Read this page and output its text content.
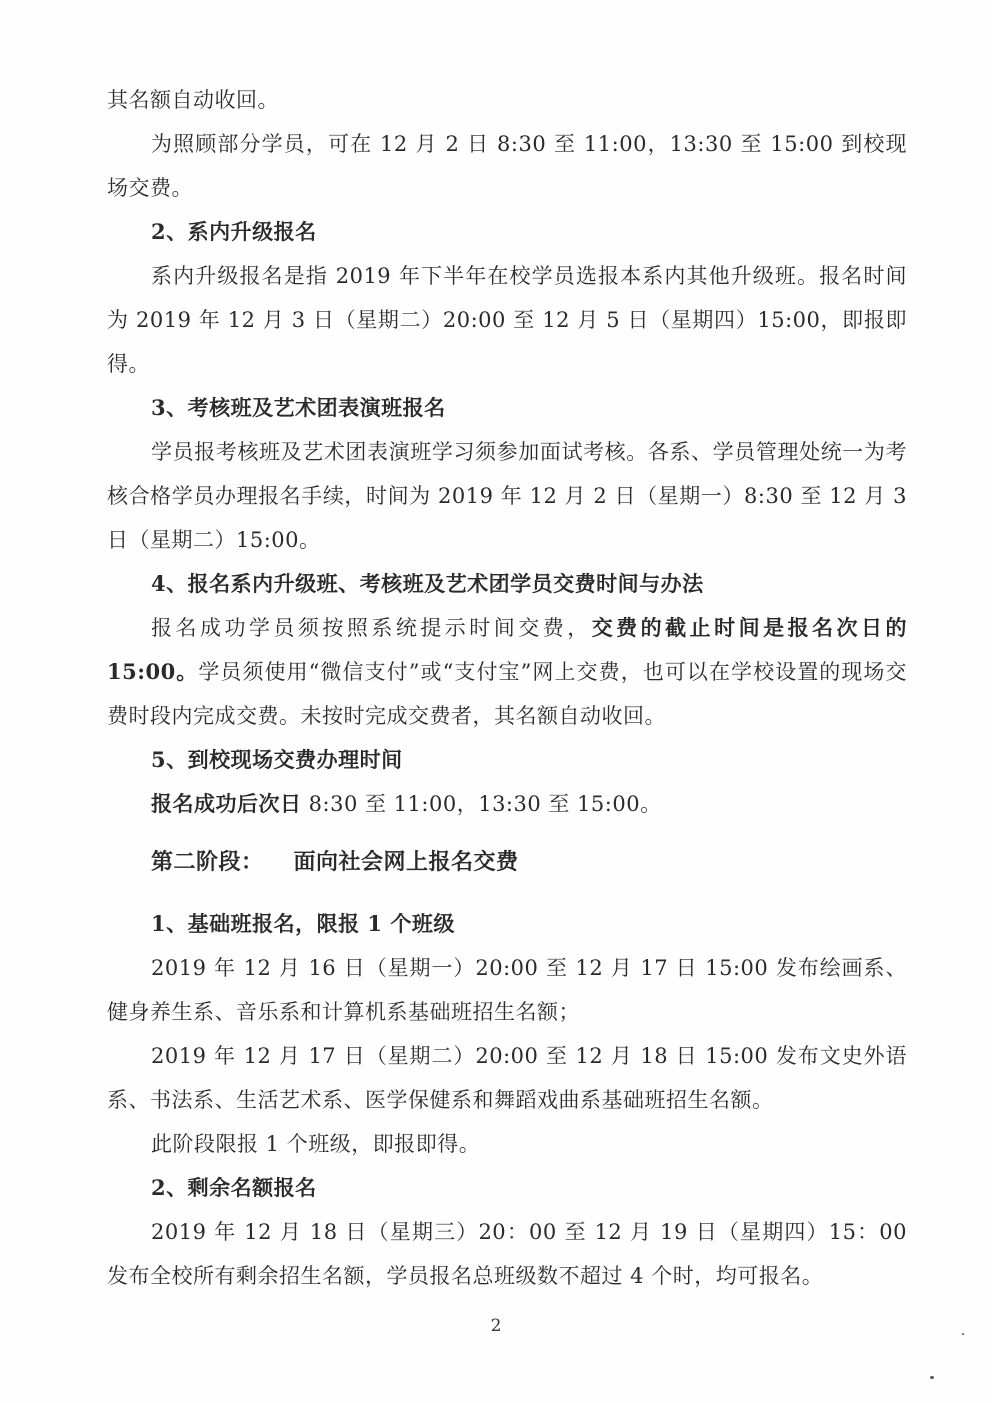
其名额自动收回。

为照顾部分学员，可在 12 月 2 日 8:30 至 11:00，13:30 至 15:00 到校现场交费。

2、系内升级报名

系内升级报名是指 2019 年下半年在校学员选报本系内其他升级班。报名时间为 2019 年 12 月 3 日（星期二）20:00 至 12 月 5 日（星期四）15:00，即报即得。

3、考核班及艺术团表演班报名

学员报考核班及艺术团表演班学习须参加面试考核。各系、学员管理处统一为考核合格学员办理报名手续，时间为 2019 年 12 月 2 日（星期一）8:30 至 12 月 3 日（星期二）15:00。

4、报名系内升级班、考核班及艺术团学员交费时间与办法

报名成功学员须按照系统提示时间交费，交费的截止时间是报名次日的 15:00。学员须使用“微信支付”或“支付宝”网上交费，也可以在学校设置的现场交费时段内完成交费。未按时完成交费者，其名额自动收回。

5、到校现场交费办理时间

报名成功后次日 8:30 至 11:00，13:30 至 15:00。

第二阶段： 面向社会网上报名交费

1、基础班报名，限报 1 个班级

2019 年 12 月 16 日（星期一）20:00 至 12 月 17 日 15:00 发布绘画系、健身养生系、音乐系和计算机系基础班招生名额；

2019 年 12 月 17 日（星期二）20:00 至 12 月 18 日 15:00 发布文史外语系、书法系、生活艺术系、医学保健系和舞蹈戏曲系基础班招生名额。

此阶段限报 1 个班级，即报即得。

2、剩余名额报名

2019 年 12 月 18 日（星期三）20：00 至 12 月 19 日（星期四）15：00 发布全校所有剩余招生名额，学员报名总班级数不超过 4 个时，均可报名。

2
